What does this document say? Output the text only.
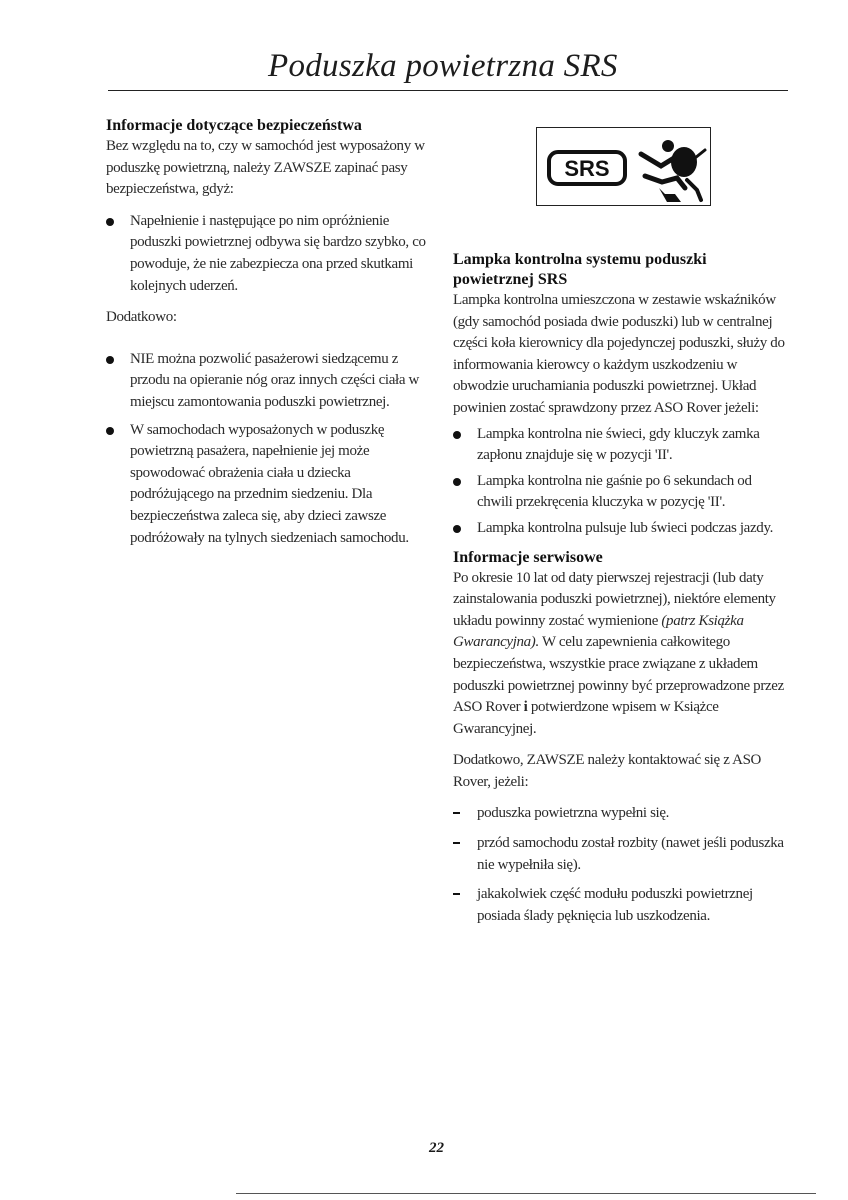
Poduszka powietrzna SRS

Informacje dotyczące bezpieczeństwa

Bez względu na to, czy w samochód jest wyposażony w poduszkę powietrzną, należy ZAWSZE zapinać pasy bezpieczeństwa, gdyż:

Napełnienie i następujące po nim opróżnienie poduszki powietrznej odbywa się bardzo szybko, co powoduje, że nie zabezpiecza ona przed skutkami kolejnych uderzeń.

Dodatkowo:

NIE można pozwolić pasażerowi siedzącemu z przodu na opieranie nóg oraz innych części ciała w miejscu zamontowania poduszki powietrznej.

W samochodach wyposażonych w poduszkę powietrzną pasażera, napełnienie jej może spowodować obrażenia ciała u dziecka podróżującego na przednim siedzeniu. Dla bezpieczeństwa zaleca się, aby dzieci zawsze podróżowały na tylnych siedzeniach samochodu.

SRS

Lampka kontrolna systemu poduszki powietrznej SRS

Lampka kontrolna umieszczona w zestawie wskaźników (gdy samochód posiada dwie poduszki) lub w centralnej części koła kierownicy dla pojedynczej poduszki, służy do informowania kierowcy o każdym uszkodzeniu w obwodzie uruchamiania poduszki powietrznej. Układ powinien zostać sprawdzony przez ASO Rover jeżeli:

Lampka kontrolna nie świeci, gdy kluczyk zamka zapłonu znajduje się w pozycji 'II'.

Lampka kontrolna nie gaśnie po 6 sekundach od chwili przekręcenia kluczyka w pozycję 'II'.

Lampka kontrolna pulsuje lub świeci podczas jazdy.

Informacje serwisowe

Po okresie 10 lat od daty pierwszej rejestracji (lub daty zainstalowania poduszki powietrznej), niektóre elementy układu powinny zostać wymienione (patrz Książka Gwarancyjna). W celu zapewnienia całkowitego bezpieczeństwa, wszystkie prace związane z układem poduszki powietrznej powinny być przeprowadzone przez ASO Rover i potwierdzone wpisem w Książce Gwarancyjnej.

Dodatkowo, ZAWSZE należy kontaktować się z ASO Rover, jeżeli:

poduszka powietrzna wypełni się.

przód samochodu został rozbity (nawet jeśli poduszka nie wypełniła się).

jakakolwiek część modułu poduszki powietrznej posiada ślady pęknięcia lub uszkodzenia.

22
